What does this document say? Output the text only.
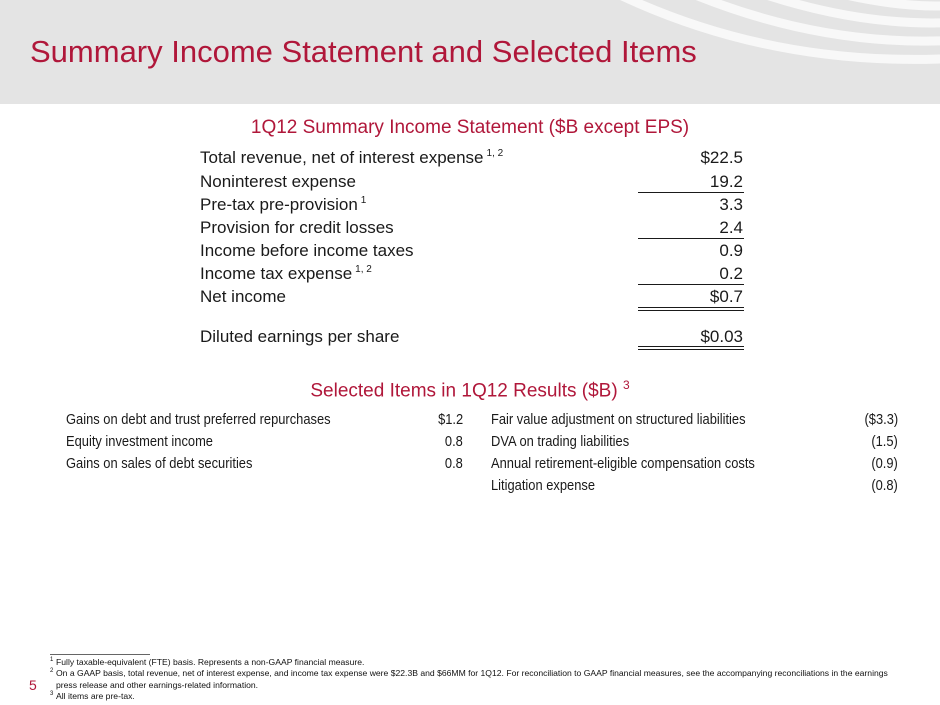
Summary Income Statement and Selected Items
1Q12 Summary Income Statement ($B except EPS)
Total revenue, net of interest expense $^{1, 2}$	$22.5
Noninterest expense	19.2
Pre-tax pre-provision $^1$	3.3
Provision for credit losses	2.4
Income before income taxes	0.9
Income tax expense $^{1, 2}$	0.2
Net income	$0.7
Diluted earnings per share	$0.03
Selected Items in 1Q12 Results ($B) $^3$
Gains on debt and trust preferred repurchases	$1.2
Equity investment income	0.8
Gains on sales of debt securities	0.8
Fair value adjustment on structured liabilities	($3.3)
DVA on trading liabilities	(1.5)
Annual retirement-eligible compensation costs	(0.9)
Litigation expense	(0.8)
1 Fully taxable-equivalent (FTE) basis. Represents a non-GAAP financial measure.
2 On a GAAP basis, total revenue, net of interest expense, and income tax expense were $22.3B and $66MM for 1Q12. For reconciliation to GAAP financial measures, see the accompanying reconciliations in the earnings press release and other earnings-related information.
3 All items are pre-tax.
5
